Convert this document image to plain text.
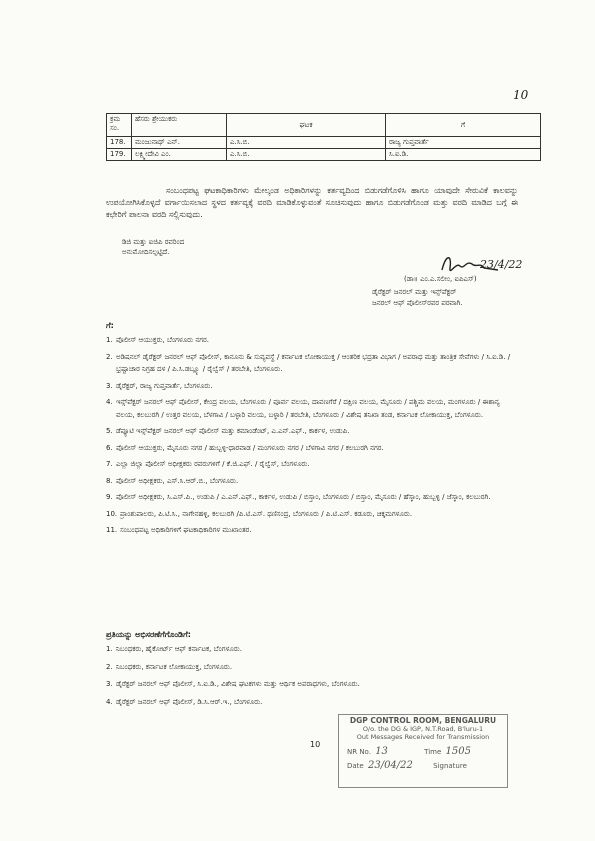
10
ಕ್ರಮ ಸಂ.	ಹೆಸರು ಶ್ರೇಯುಕರು	ಘಟಕ	ಗೆ
178.	ಮಂಜುನಾಥ್ ಎನ್.	ಎ.ಸಿ.ಬಿ.	ರಾಜ್ಯ ಗುಪ್ತವಾರ್ತೆ
179.	ಲಕ್ಷ್ಮೀದೇವಿ ಎಂ.	ಎ.ಸಿ.ಬಿ.	ಸಿ.ಐ.ಡಿ.
ಸಂಬಂಧಪಟ್ಟ ಘಟಕಾಧಿಕಾರಿಗಳು ಮೇಲ್ಕಂಡ ಅಧಿಕಾರಿಗಳನ್ನು ಕರ್ತವ್ಯದಿಂದ ಬಿಡುಗಡೆಗೊಳಿಸಿ ಹಾಗೂ ಯಾವುದೇ ಸೇರುವಿಕೆ ಕಾಲವನ್ನು ಉಪಯೋಗಿಸಿಕೊಳ್ಳದೆ ವರ್ಗಾಯಿಸಲಾದ ಸ್ಥಳದ ಕರ್ತವ್ಯಕ್ಕೆ ವರದಿ ಮಾಡಿಕೊಳ್ಳುವಂತೆ ಸೂಚಿಸುವುದು ಹಾಗೂ ಬಿಡುಗಡೆಗೊಂಡ ಮತ್ತು ವರದಿ ಮಾಡಿದ ಬಗ್ಗೆ ಈ ಕಛೇರಿಗೆ ಪಾಲನಾ ವರದಿ ಸಲ್ಲಿಸುವುದು.
ಡಿಜಿ ಮತ್ತು ಐಜಿಪಿ ರವರಿಂದ
ಅನುಮೋದಿಸಲ್ಪಟ್ಟಿದೆ.
23/4/22
(ಡಾ॥ ಎಂ.ಎ.ಸಲೀಂ, ಐಪಿಎಸ್)
ಡೈರೆಕ್ಟರ್ ಜನರಲ್ ಮತ್ತು ಇನ್ಸ್‌ಪೆಕ್ಟರ್
ಜನರಲ್ ಆಫ್ ಪೊಲೀಸ್‌ರವರ ಪರವಾಗಿ.
ಗೆ:
1. ಪೊಲೀಸ್ ಆಯುಕ್ತರು, ಬೆಂಗಳೂರು ನಗರ.
2. ಅಡಿಷನಲ್ ಡೈರೆಕ್ಟರ್ ಜನರಲ್ ಆಫ್ ಪೊಲೀಸ್, ಕಾನೂನು & ಸುವ್ಯವಸ್ಥೆ / ಕರ್ನಾಟಕ ಲೋಕಾಯುಕ್ತ / ಆಂತರಿಕ ಭದ್ರತಾ ವಿಭಾಗ / ಅಪರಾಧ ಮತ್ತು ತಾಂತ್ರಿಕ ಸೇವೆಗಳು / ಸಿ.ಐ.ಡಿ. / ಭ್ರಷ್ಟಾಚಾರ ನಿಗ್ರಹ ದಳ / ಪಿ.ಸಿ.ಡಬ್ಲ್ಯೂ / ರೈಲ್ವೆಸ್ / ತರಬೇತಿ, ಬೆಂಗಳೂರು.
3. ಡೈರೆಕ್ಟರ್, ರಾಜ್ಯ ಗುಪ್ತವಾರ್ತೆ, ಬೆಂಗಳೂರು.
4. ಇನ್ಸ್‌ಪೆಕ್ಟರ್ ಜನರಲ್ ಆಫ್ ಪೊಲೀಸ್, ಕೇಂದ್ರ ವಲಯ, ಬೆಂಗಳೂರು / ಪೂರ್ವ ವಲಯ, ದಾವಣಗೆರೆ / ದಕ್ಷಿಣ ವಲಯ, ಮೈಸೂರು / ಪಶ್ಚಿಮ ವಲಯ, ಮಂಗಳೂರು / ಈಶಾನ್ಯ ವಲಯ, ಕಲಬುರಗಿ / ಉತ್ತರ ವಲಯ, ಬೆಳಗಾವಿ / ಬಳ್ಳಾರಿ ವಲಯ, ಬಳ್ಳಾರಿ / ತರಬೇತಿ, ಬೆಂಗಳೂರು / ವಿಶೇಷ ತನಿಖಾ ತಂಡ, ಕರ್ನಾಟಕ ಲೋಕಾಯುಕ್ತ, ಬೆಂಗಳೂರು.
5. ಡೆಪ್ಯೂಟಿ ಇನ್ಸ್‌ಪೆಕ್ಟರ್ ಜನರಲ್ ಆಫ್ ಪೊಲೀಸ್ ಮತ್ತು ಕಮಾಂಡೆಂಟ್, ಎ.ಎನ್.ಎಫ್., ಕಾರ್ಕಳ, ಉಡುಪಿ.
6. ಪೊಲೀಸ್ ಆಯುಕ್ತರು, ಮೈಸೂರು ನಗರ / ಹುಬ್ಬಳ್ಳಿ-ಧಾರವಾಡ / ಮಂಗಳೂರು ನಗರ / ಬೆಳಗಾವಿ ನಗರ / ಕಲಬುರಗಿ ನಗರ.
7. ಎಲ್ಲಾ ಜಿಲ್ಲಾ ಪೊಲೀಸ್ ಅಧೀಕ್ಷಕರು ರವರುಗಳಿಗೆ / ಕೆ.ಜಿ.ಎಫ್. / ರೈಲ್ವೆಸ್, ಬೆಂಗಳೂರು.
8. ಪೊಲೀಸ್ ಅಧೀಕ್ಷಕರು, ಎಸ್.ಸಿ.ಆರ್.ಬಿ., ಬೆಂಗಳೂರು.
9. ಪೊಲೀಸ್ ಅಧೀಕ್ಷಕರು, ಸಿ.ಎಸ್.ಪಿ., ಉಡುಪಿ / ಎ.ಎನ್.ಎಫ್., ಕಾರ್ಕಳ, ಉಡುಪಿ / ಬಿಸ್ತಾಂ, ಬೆಂಗಳೂರು / ಬಿಸ್ತಾಂ, ಮೈಸೂರು / ಹೆಸ್ಕಾಂ, ಹುಬ್ಬಳ್ಳಿ / ಜೆಸ್ಕಾಂ, ಕಲಬುರಗಿ.
10. ಪ್ರಾಂಶುಪಾಲರು, ಪಿ.ಟಿ.ಸಿ., ನಾಗೇನಹಳ್ಳಿ, ಕಲಬುರಗಿ /ಪಿ.ಟಿ.ಎಸ್. ಥಣಿಸಂದ್ರ, ಬೆಂಗಳೂರು / ಪಿ.ಟಿ.ಎಸ್. ಕಡೂರು, ಚಿಕ್ಕಮಗಳೂರು.
11. ಸಂಬಂಧಪಟ್ಟ ಅಧಿಕಾರಿಗಳಿಗೆ ಘಟಕಾಧಿಕಾರಿಗಳ ಮುಖಾಂತರ.
ಪ್ರತಿಯನ್ನು ಅಭಿಸರಣೆಗೆಗೊಂಡಿಗೆ:
1. ನಿಬಂಧಕರು, ಹೈಕೋರ್ಟ್ ಆಫ್ ಕರ್ನಾಟಕ, ಬೆಂಗಳೂರು.
2. ನಿಬಂಧಕರು, ಕರ್ನಾಟಕ ಲೋಕಾಯುಕ್ತ, ಬೆಂಗಳೂರು.
3. ಡೈರೆಕ್ಟರ್ ಜನರಲ್ ಆಫ್ ಪೊಲೀಸ್, ಸಿ.ಐ.ಡಿ., ವಿಶೇಷ ಘಟಕಗಳು ಮತ್ತು ಆರ್ಥಿಕ ಅಪರಾಧಗಳು, ಬೆಂಗಳೂರು.
4. ಡೈರೆಕ್ಟರ್ ಜನರಲ್ ಆಫ್ ಪೊಲೀಸ್, ಡಿ.ಸಿ.ಆರ್.ಇ., ಬೆಂಗಳೂರು.
10
DGP CONTROL ROOM, BENGALURU
O/o. the DG & IGP, N.T.Road, B'luru-1
Out Messages Received for Transmission
NR No. 13	Time 1505
Date 23/04/22	Signature
